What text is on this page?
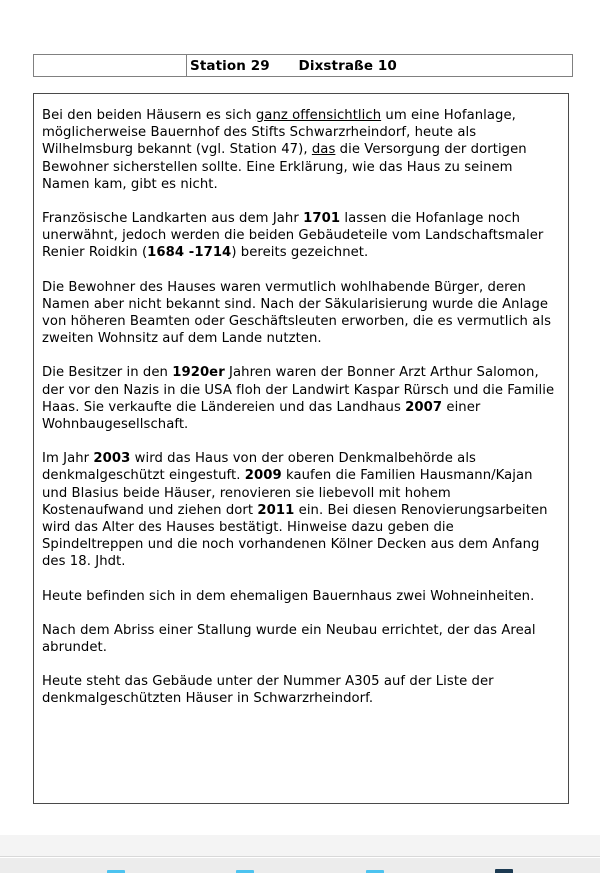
	Station 29      Dixstraße 10

Bei den beiden Häusern es sich ganz offensichtlich um eine Hofanlage, möglicherweise Bauernhof des Stifts Schwarzrheindorf, heute als Wilhelmsburg bekannt (vgl. Station 47), das die Versorgung der dortigen Bewohner sicherstellen sollte. Eine Erklärung, wie das Haus zu seinem Namen kam, gibt es nicht.

Französische Landkarten aus dem Jahr 1701 lassen die Hofanlage noch unerwähnt, jedoch werden die beiden Gebäudeteile vom Landschaftsmaler Renier Roidkin (1684 -1714) bereits gezeichnet.

Die Bewohner des Hauses waren vermutlich wohlhabende Bürger, deren Namen aber nicht bekannt sind. Nach der Säkularisierung wurde die Anlage von höheren Beamten oder Geschäftsleuten erworben, die es vermutlich als zweiten Wohnsitz auf dem Lande nutzten.

Die Besitzer in den 1920er Jahren waren der Bonner Arzt Arthur Salomon, der vor den Nazis in die USA floh der Landwirt Kaspar Rürsch und die Familie Haas. Sie verkaufte die Ländereien und das Landhaus 2007 einer Wohnbaugesellschaft.

Im Jahr 2003 wird das Haus von der oberen Denkmalbehörde als denkmalgeschützt eingestuft. 2009 kaufen die Familien Hausmann/Kajan und Blasius beide Häuser, renovieren sie liebevoll mit hohem Kostenaufwand und ziehen dort 2011 ein. Bei diesen Renovierungsarbeiten wird das Alter des Hauses bestätigt. Hinweise dazu geben die Spindeltreppen und die noch vorhandenen Kölner Decken aus dem Anfang des 18. Jhdt.

Heute befinden sich in dem ehemaligen Bauernhaus zwei Wohneinheiten.

Nach dem Abriss einer Stallung wurde ein Neubau errichtet, der das Areal abrundet.

Heute steht das Gebäude unter der Nummer A305 auf der Liste der denkmalgeschützten Häuser in Schwarzrheindorf.
